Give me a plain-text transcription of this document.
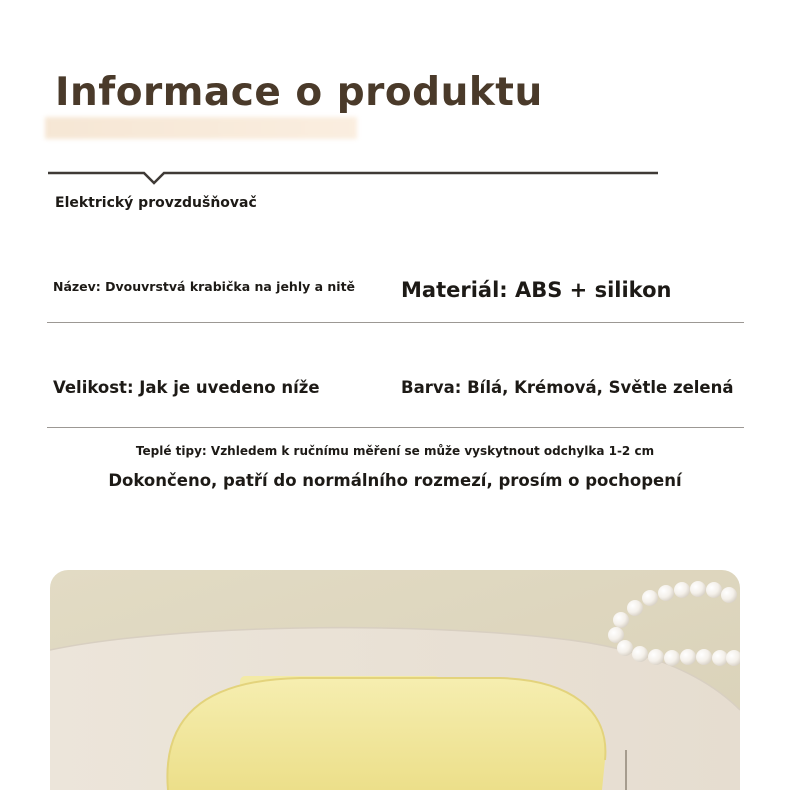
Informace o produktu
Elektrický provzdušňovač
Název: Dvouvrstvá krabička na jehly a nitě Materiál: ABS + silikon
Velikost: Jak je uvedeno níže	Barva: Bílá, Krémová, Světle zelená
Teplé tipy: Vzhledem k ručnímu měření se může vyskytnout odchylka 1-2 cm
Dokončeno, patří do normálního rozmezí, prosím o pochopení
